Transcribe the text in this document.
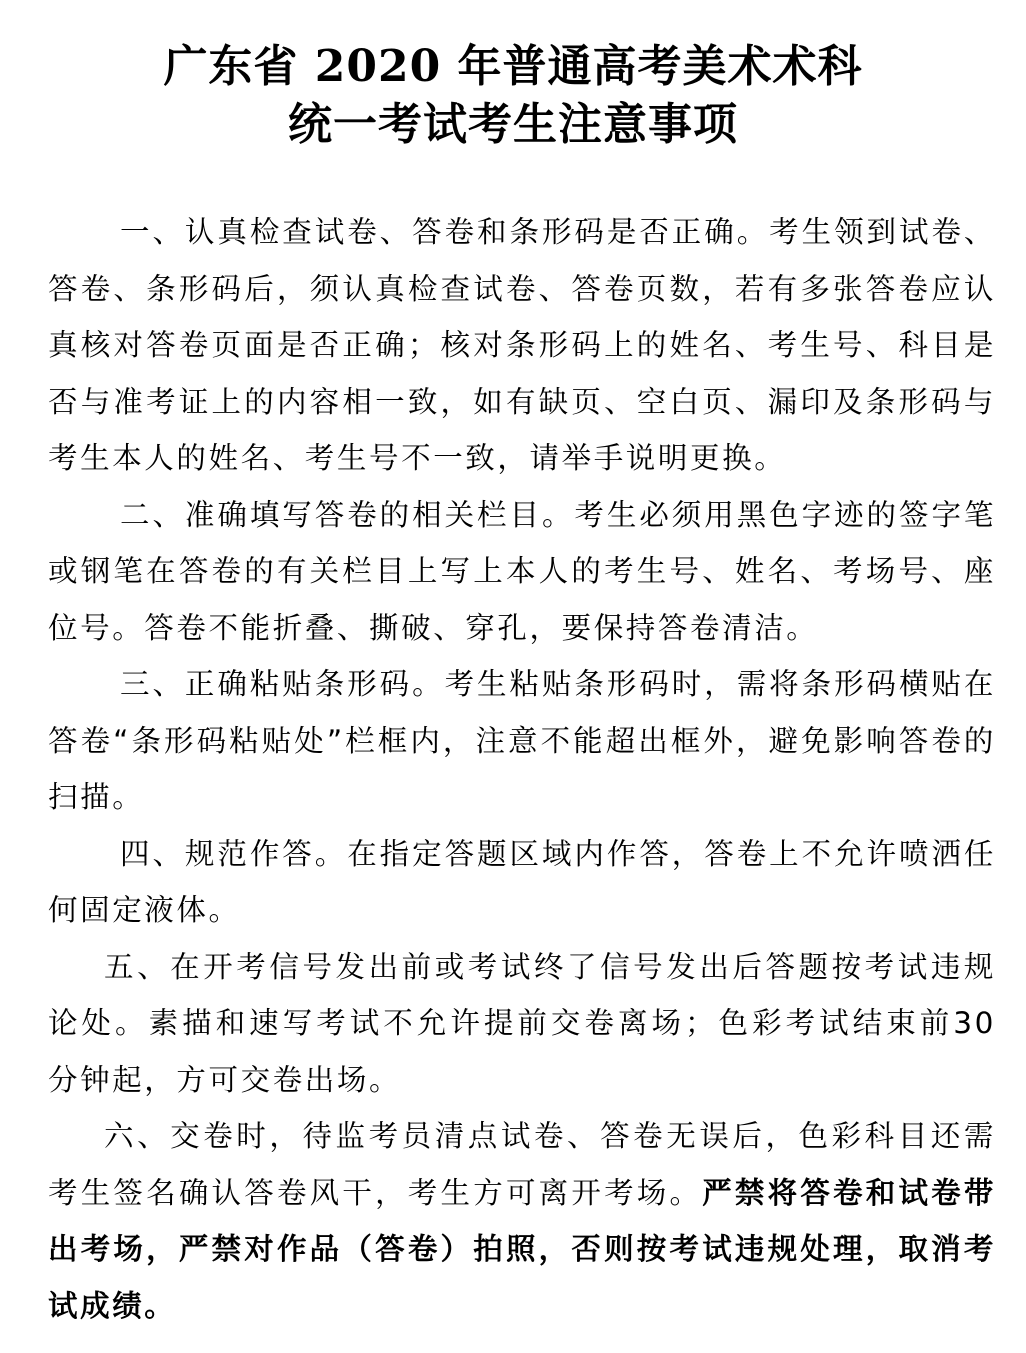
广东省 2020 年普通高考美术术科
统一考试考生注意事项

一、认真检查试卷、答卷和条形码是否正确。考生领到试卷、答卷、条形码后，须认真检查试卷、答卷页数，若有多张答卷应认真核对答卷页面是否正确；核对条形码上的姓名、考生号、科目是否与准考证上的内容相一致，如有缺页、空白页、漏印及条形码与考生本人的姓名、考生号不一致，请举手说明更换。

二、准确填写答卷的相关栏目。考生必须用黑色字迹的签字笔或钢笔在答卷的有关栏目上写上本人的考生号、姓名、考场号、座位号。答卷不能折叠、撕破、穿孔，要保持答卷清洁。

三、正确粘贴条形码。考生粘贴条形码时，需将条形码横贴在答卷“条形码粘贴处”栏框内，注意不能超出框外，避免影响答卷的扫描。

四、规范作答。在指定答题区域内作答，答卷上不允许喷洒任何固定液体。

五、在开考信号发出前或考试终了信号发出后答题按考试违规论处。素描和速写考试不允许提前交卷离场；色彩考试结束前30 分钟起，方可交卷出场。

六、交卷时，待监考员清点试卷、答卷无误后，色彩科目还需考生签名确认答卷风干，考生方可离开考场。严禁将答卷和试卷带出考场，严禁对作品（答卷）拍照，否则按考试违规处理，取消考试成绩。
